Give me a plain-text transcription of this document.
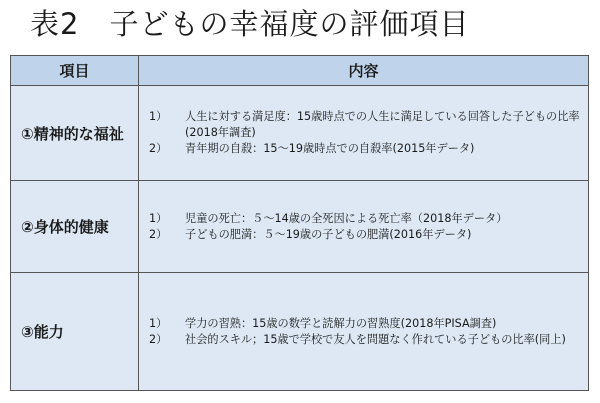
表2　子どもの幸福度の評価項目
項目	内容
①精神的な福祉	1） 人生に対する満足度：15歳時点での人生に満足している回答した子どもの比率(2018年調査)
2） 青年期の自殺：15～19歳時点での自殺率(2015年データ)

②身体的健康	1） 児童の死亡：５～14歳の全死因による死亡率（2018年データ）
2） 子どもの肥満：５～19歳の子どもの肥満(2016年データ)

③能力	1） 学力の習熟：15歳の数学と読解力の習熟度(2018年PISA調査)
2） 社会的スキル；15歳で学校で友人を問題なく作れている子どもの比率(同上)
